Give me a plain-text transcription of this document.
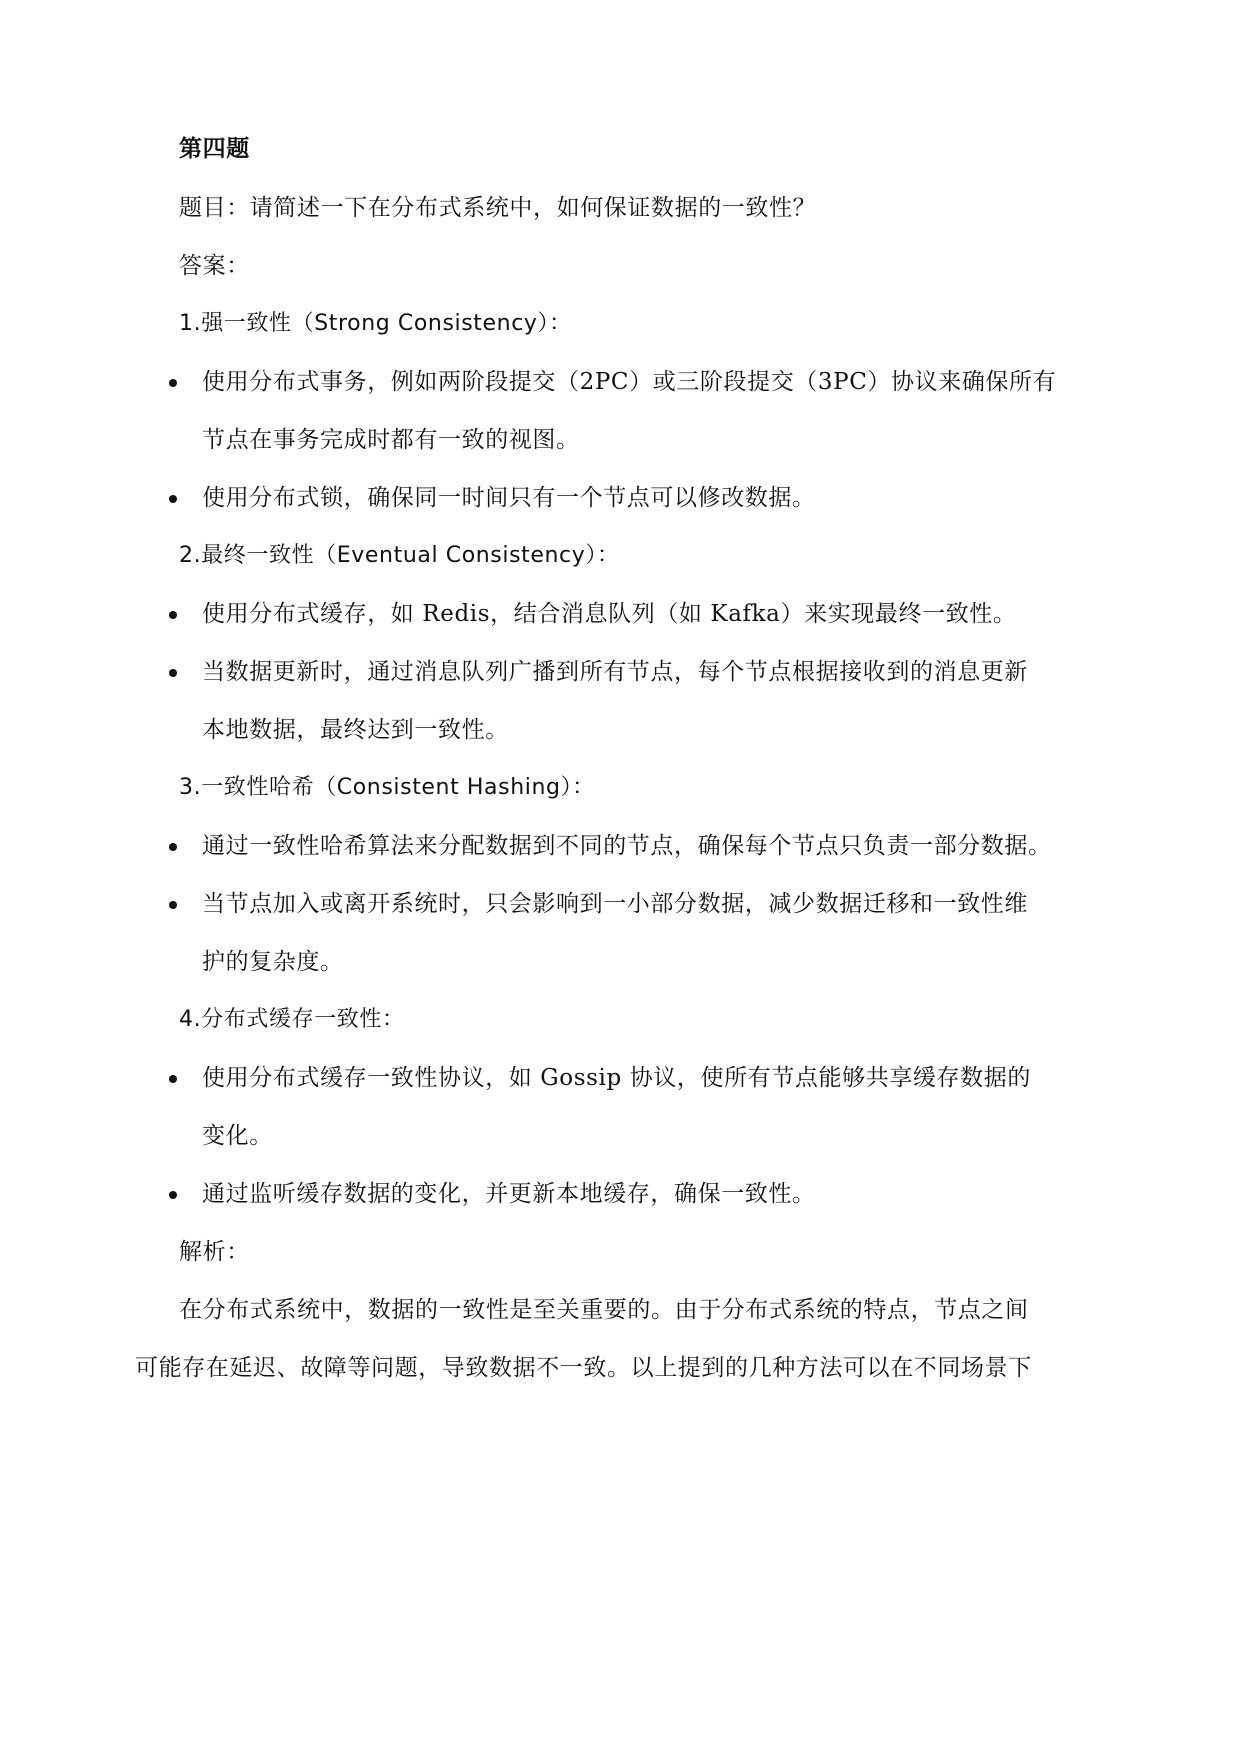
第四题
题目：请简述一下在分布式系统中，如何保证数据的一致性？
答案：
1.强一致性（Strong Consistency）：
使用分布式事务，例如两阶段提交（2PC）或三阶段提交（3PC）协议来确保所有
节点在事务完成时都有一致的视图。
使用分布式锁，确保同一时间只有一个节点可以修改数据。
2.最终一致性（Eventual Consistency）：
使用分布式缓存，如 Redis，结合消息队列（如 Kafka）来实现最终一致性。
当数据更新时，通过消息队列广播到所有节点，每个节点根据接收到的消息更新
本地数据，最终达到一致性。
3.一致性哈希（Consistent Hashing）：
通过一致性哈希算法来分配数据到不同的节点，确保每个节点只负责一部分数据。
当节点加入或离开系统时，只会影响到一小部分数据，减少数据迁移和一致性维
护的复杂度。
4.分布式缓存一致性：
使用分布式缓存一致性协议，如 Gossip 协议，使所有节点能够共享缓存数据的
变化。
通过监听缓存数据的变化，并更新本地缓存，确保一致性。
解析：
在分布式系统中，数据的一致性是至关重要的。由于分布式系统的特点，节点之间
可能存在延迟、故障等问题，导致数据不一致。以上提到的几种方法可以在不同场景下
